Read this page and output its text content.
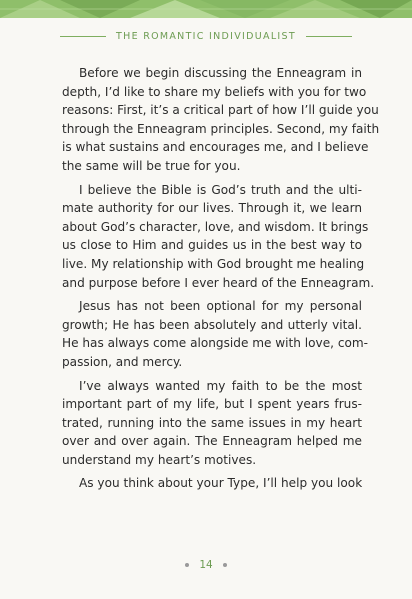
THE ROMANTIC INDIVIDUALIST
Before we begin discussing the Enneagram in
depth, I’d like to share my beliefs with you for two
reasons: First, it’s a critical part of how I’ll guide you
through the Enneagram principles. Second, my faith
is what sustains and encourages me, and I believe
the same will be true for you.
I believe the Bible is God’s truth and the ulti-
mate authority for our lives. Through it, we learn
about God’s character, love, and wisdom. It brings
us close to Him and guides us in the best way to
live. My relationship with God brought me healing
and purpose before I ever heard of the Enneagram.
Jesus has not been optional for my personal
growth; He has been absolutely and utterly vital.
He has always come alongside me with love, com-
passion, and mercy.
I’ve always wanted my faith to be the most
important part of my life, but I spent years frus-
trated, running into the same issues in my heart
over and over again. The Enneagram helped me
understand my heart’s motives.
As you think about your Type, I’ll help you look
14
